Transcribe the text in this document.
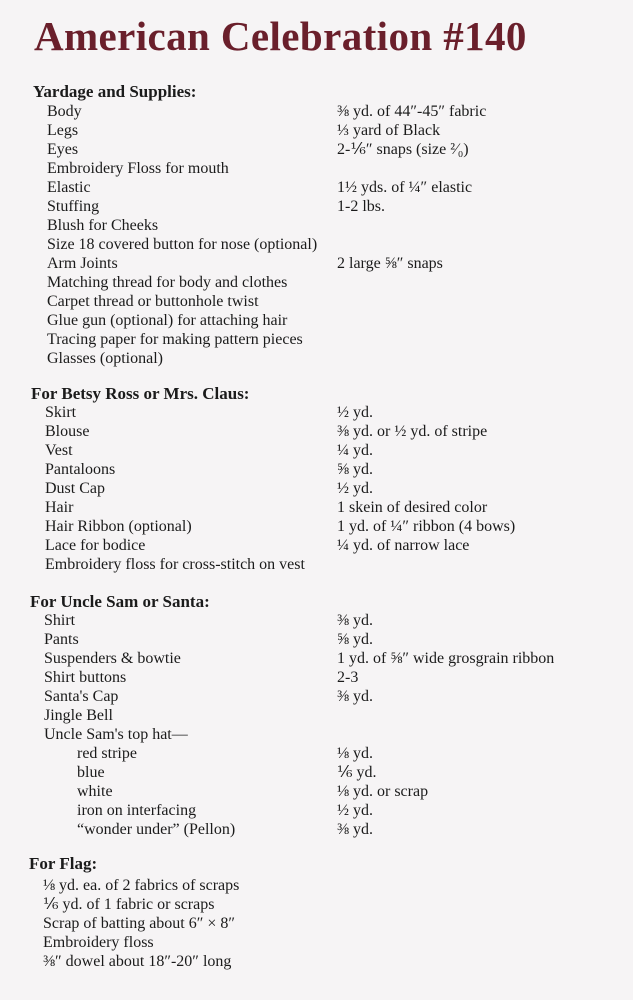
American Celebration #140
Yardage and Supplies:
Body	⅜ yd. of 44″-45″ fabric
Legs	⅓ yard of Black
Eyes	2-⅙″ snaps (size ²⁄₀)
Embroidery Floss for mouth
Elastic	1½ yds. of ¼″ elastic
Stuffing	1-2 lbs.
Blush for Cheeks
Size 18 covered button for nose (optional)
Arm Joints	2 large ⅝″ snaps
Matching thread for body and clothes
Carpet thread or buttonhole twist
Glue gun (optional) for attaching hair
Tracing paper for making pattern pieces
Glasses (optional)
For Betsy Ross or Mrs. Claus:
Skirt	½ yd.
Blouse	⅜ yd. or ½ yd. of stripe
Vest	¼ yd.
Pantaloons	⅝ yd.
Dust Cap	½ yd.
Hair	1 skein of desired color
Hair Ribbon (optional)	1 yd. of ¼″ ribbon (4 bows)
Lace for bodice	¼ yd. of narrow lace
Embroidery floss for cross-stitch on vest
For Uncle Sam or Santa:
Shirt	⅜ yd.
Pants	⅝ yd.
Suspenders & bowtie	1 yd. of ⅝″ wide grosgrain ribbon
Shirt buttons	2-3
Santa's Cap	⅜ yd.
Jingle Bell
Uncle Sam's top hat—
red stripe	⅛ yd.
blue	⅙ yd.
white	⅛ yd. or scrap
iron on interfacing	½ yd.
“wonder under” (Pellon)	⅜ yd.
For Flag:
⅛ yd. ea. of 2 fabrics of scraps
⅙ yd. of 1 fabric or scraps
Scrap of batting about 6″ × 8″
Embroidery floss
⅜″ dowel about 18″-20″ long
